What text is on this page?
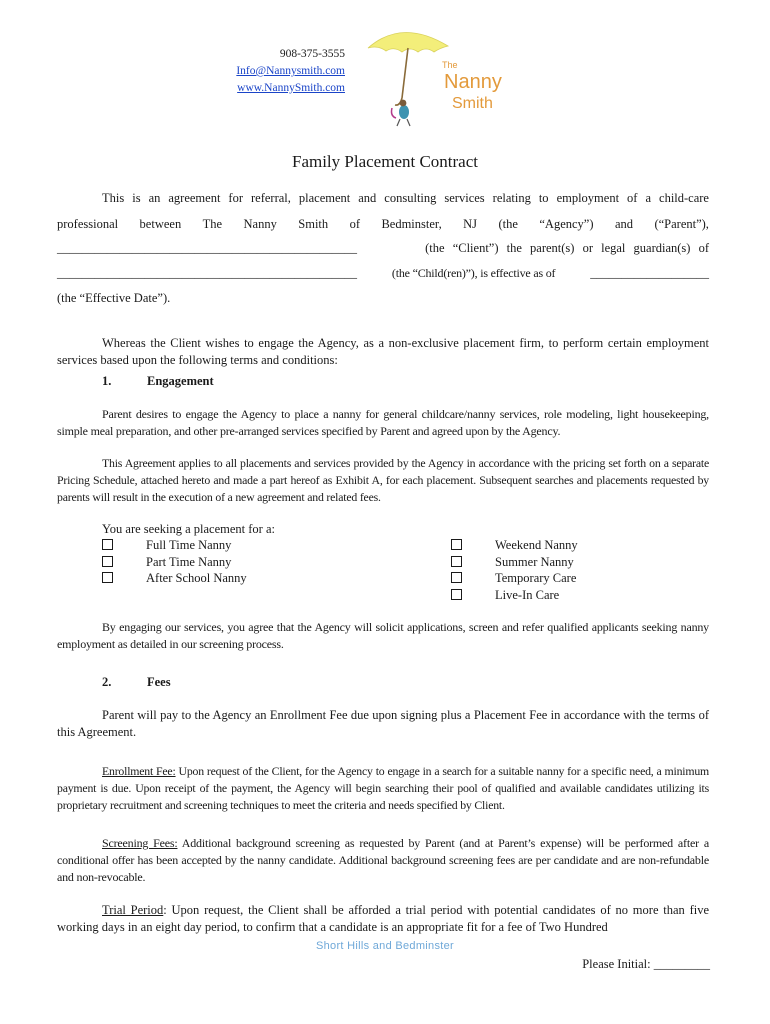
908-375-3555
Info@Nannysmith.com
www.NannySmith.com
The
Nanny
Smith
Family Placement Contract
This is an agreement for referral, placement and consulting services relating to employment of a child-care
professional between The Nanny Smith of Bedminster, NJ (the “Agency”) and (“Parent”),
________________________________________________	(the “Client”) the parent(s) or legal guardian(s) of
________________________________________________	(the “Child(ren)”), is effective as of	___________________
(the “Effective Date”).
Whereas the Client wishes to engage the Agency, as a non-exclusive placement firm, to perform certain employment services based upon the following terms and conditions:
1.	Engagement
Parent desires to engage the Agency to place a nanny for general childcare/nanny services, role modeling, light housekeeping, simple meal preparation, and other pre-arranged services specified by Parent and agreed upon by the Agency.
This Agreement applies to all placements and services provided by the Agency in accordance with the pricing set forth on a separate Pricing Schedule, attached hereto and made a part hereof as Exhibit A, for each placement. Subsequent searches and placements requested by parents will result in the execution of a new agreement and related fees.
You are seeking a placement for a:
Full Time Nanny
Part Time Nanny
After School Nanny
Weekend Nanny
Summer Nanny
Temporary Care
Live-In Care
By engaging our services, you agree that the Agency will solicit applications, screen and refer qualified applicants seeking nanny employment as detailed in our screening process.
2.	Fees
Parent will pay to the Agency an Enrollment Fee due upon signing plus a Placement Fee in accordance with the terms of this Agreement.
Enrollment Fee: Upon request of the Client, for the Agency to engage in a search for a suitable nanny for a specific need, a minimum payment is due. Upon receipt of the payment, the Agency will begin searching their pool of qualified and available candidates utilizing its proprietary recruitment and screening techniques to meet the criteria and needs specified by Client.
Screening Fees: Additional background screening as requested by Parent (and at Parent’s expense) will be performed after a conditional offer has been accepted by the nanny candidate. Additional background screening fees are per candidate and are non-refundable and non-revocable.
Trial Period: Upon request, the Client shall be afforded a trial period with potential candidates of no more than five working days in an eight day period, to confirm that a candidate is an appropriate fit for a fee of Two Hundred
Short Hills and Bedminster
Please Initial: _________
